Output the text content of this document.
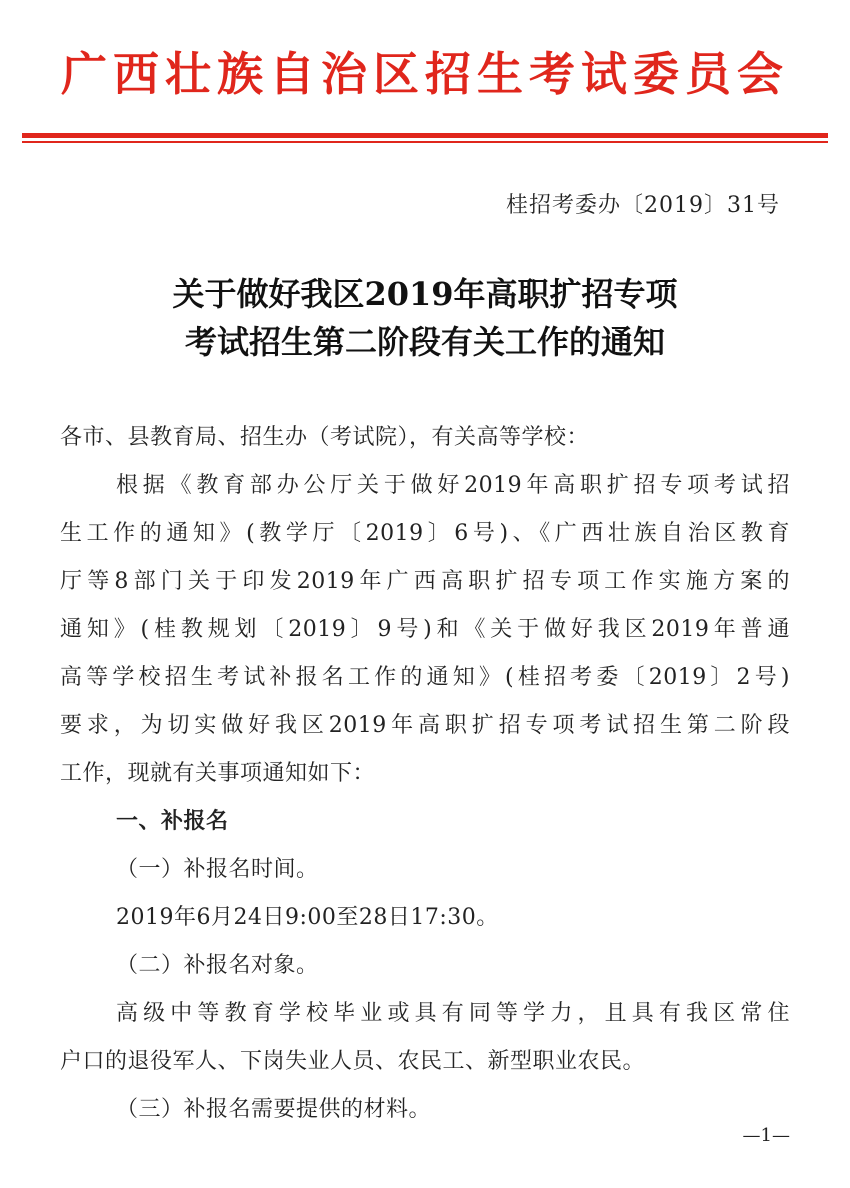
广西壮族自治区招生考试委员会
桂招考委办〔2019〕31号
关于做好我区2019年高职扩招专项
考试招生第二阶段有关工作的通知
各市、县教育局、招生办（考试院），有关高等学校：
根据《教育部办公厅关于做好2019年高职扩招专项考试招
生工作的通知》(教学厅〔2019〕6号)、《广西壮族自治区教育
厅等8部门关于印发2019年广西高职扩招专项工作实施方案的
通知》(桂教规划〔2019〕9号)和《关于做好我区2019年普通
高等学校招生考试补报名工作的通知》(桂招考委〔2019〕2号)
要求，为切实做好我区2019年高职扩招专项考试招生第二阶段
工作，现就有关事项通知如下：
一、补报名
（一）补报名时间。
2019年6月24日9:00至28日17:30。
（二）补报名对象。
高级中等教育学校毕业或具有同等学力，且具有我区常住
户口的退役军人、下岗失业人员、农民工、新型职业农民。
（三）补报名需要提供的材料。
—1—
